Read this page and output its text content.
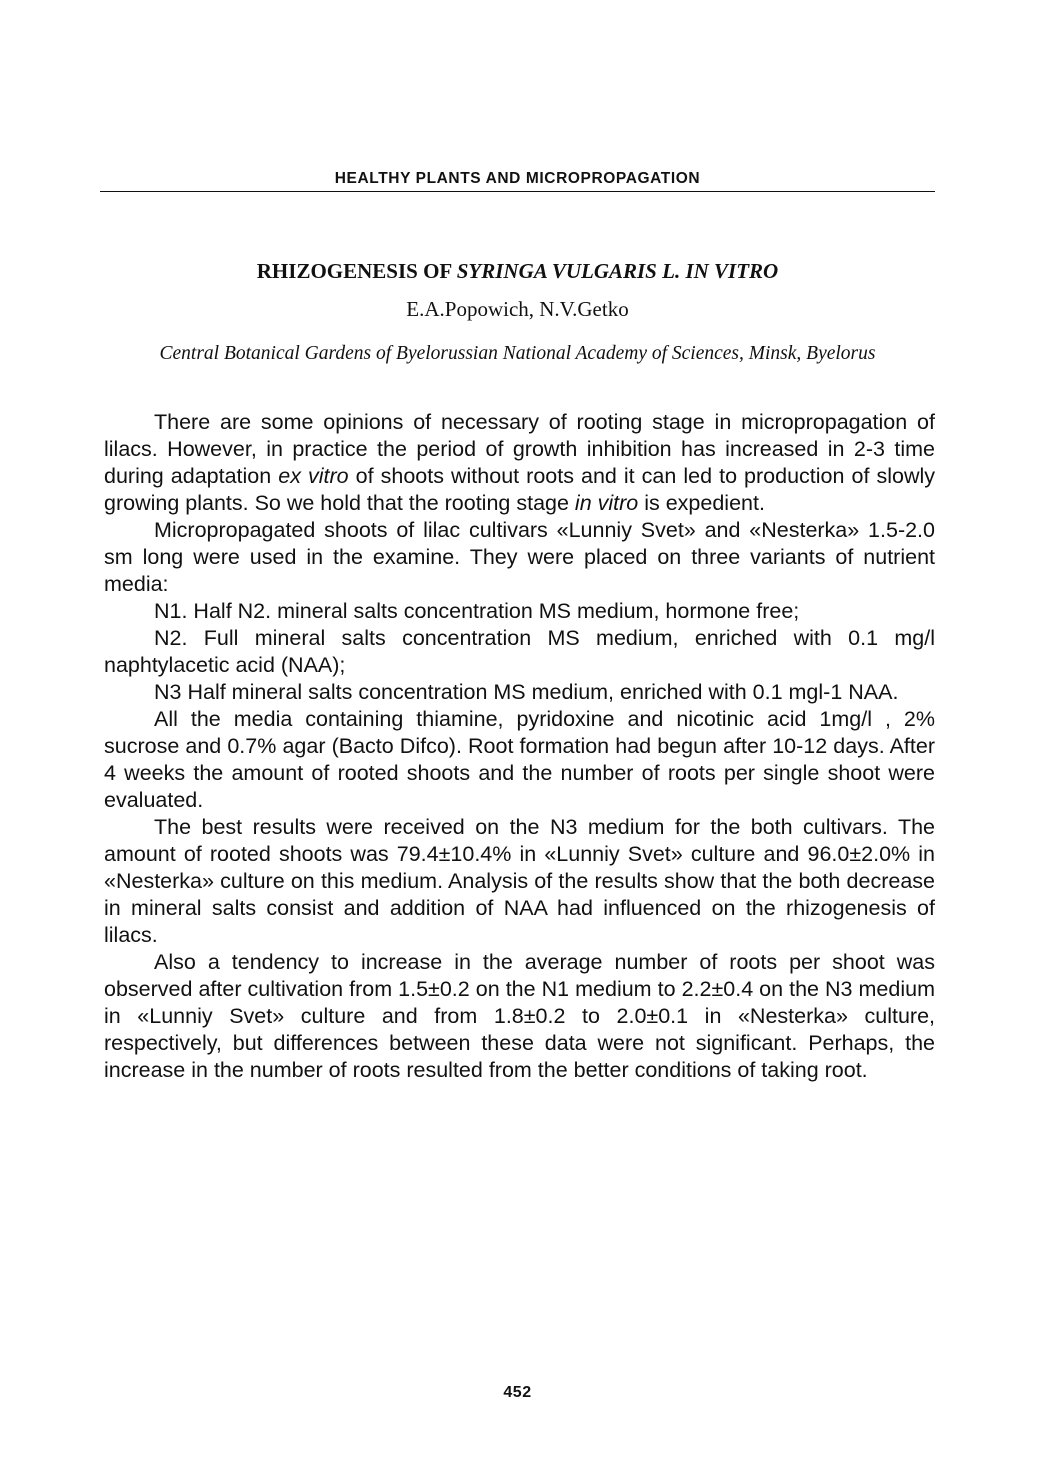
HEALTHY PLANTS AND MICROPROPAGATION
RHIZOGENESIS OF SYRINGA VULGARIS L. IN VITRO
E.A.Popowich, N.V.Getko
Central Botanical Gardens of Byelorussian National Academy of Sciences, Minsk, Byelorus

There are some opinions of necessary of rooting stage in micropropagation of lilacs. However, in practice the period of growth inhibition has increased in 2-3 time during adaptation ex vitro of shoots without roots and it can led to production of slowly growing plants. So we hold that the rooting stage in vitro is expedient.

Micropropagated shoots of lilac cultivars «Lunniy Svet» and «Nesterka» 1.5-2.0 sm long were used in the examine. They were placed on three variants of nutrient media:

N1. Half N2. mineral salts concentration MS medium, hormone free;

N2. Full mineral salts concentration MS medium, enriched with 0.1 mg/l naphtylacetic acid (NAA);

N3 Half mineral salts concentration MS medium, enriched with 0.1 mgl-1 NAA.

All the media containing thiamine, pyridoxine and nicotinic acid 1mg/l , 2% sucrose and 0.7% agar (Bacto Difco). Root formation had begun after 10-12 days. After 4 weeks the amount of rooted shoots and the number of roots per single shoot were evaluated.

The best results were received on the N3 medium for the both cultivars. The amount of rooted shoots was 79.4±10.4% in «Lunniy Svet» culture and 96.0±2.0% in «Nesterka» culture on this medium. Analysis of the results show that the both decrease in mineral salts consist and addition of NAA had influenced on the rhizogenesis of lilacs.

Also a tendency to increase in the average number of roots per shoot was observed after cultivation from 1.5±0.2 on the N1 medium to 2.2±0.4 on the N3 medium in «Lunniy Svet» culture and from 1.8±0.2 to 2.0±0.1 in «Nesterka» culture, respectively, but differences between these data were not significant. Perhaps, the increase in the number of roots resulted from the better conditions of taking root.

452
